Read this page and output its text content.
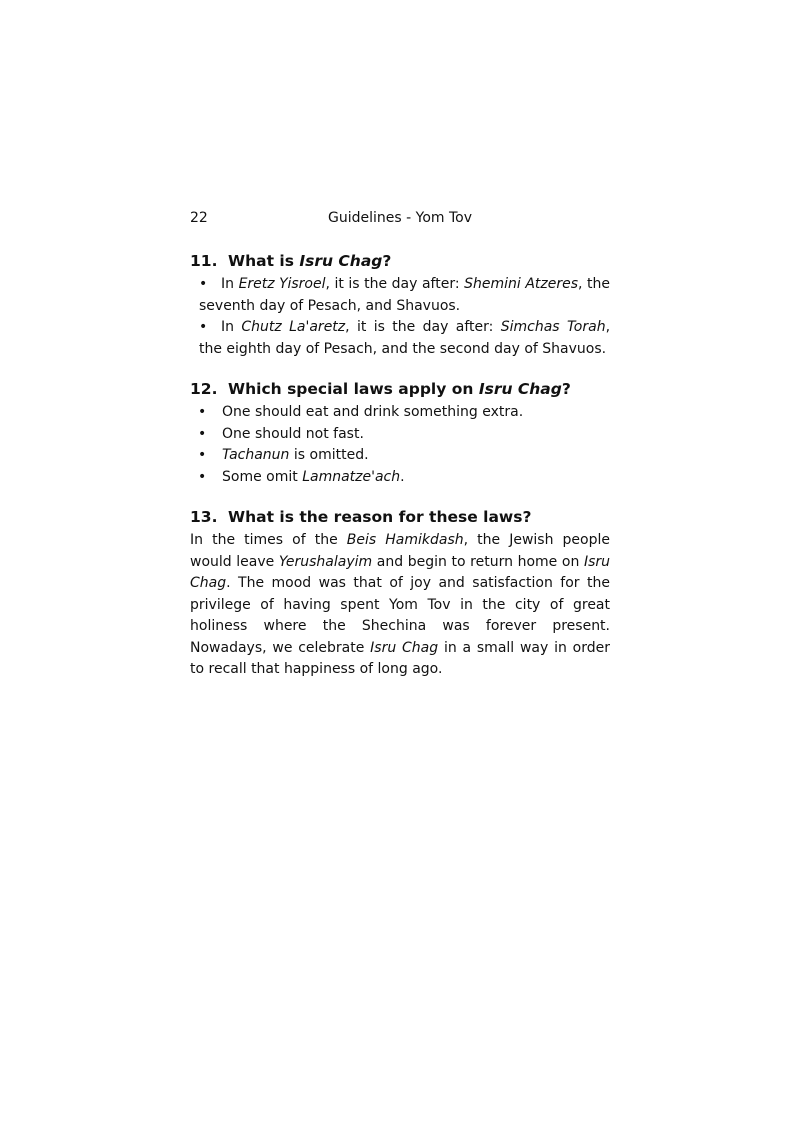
22	Guidelines - Yom Tov
11. What is Isru Chag?
• In Eretz Yisroel, it is the day after: Shemini Atzeres, the seventh day of Pesach, and Shavuos.
• In Chutz La'aretz, it is the day after: Simchas Torah, the eighth day of Pesach, and the second day of Shavuos.
12. Which special laws apply on Isru Chag?
• One should eat and drink something extra.
• One should not fast.
• Tachanun is omitted.
• Some omit Lamnatze'ach.
13. What is the reason for these laws?

In the times of the Beis Hamikdash, the Jewish people would leave Yerushalayim and begin to return home on Isru Chag. The mood was that of joy and satisfaction for the privilege of having spent Yom Tov in the city of great holiness where the Shechina was forever present. Nowadays, we celebrate Isru Chag in a small way in order to recall that happiness of long ago.
